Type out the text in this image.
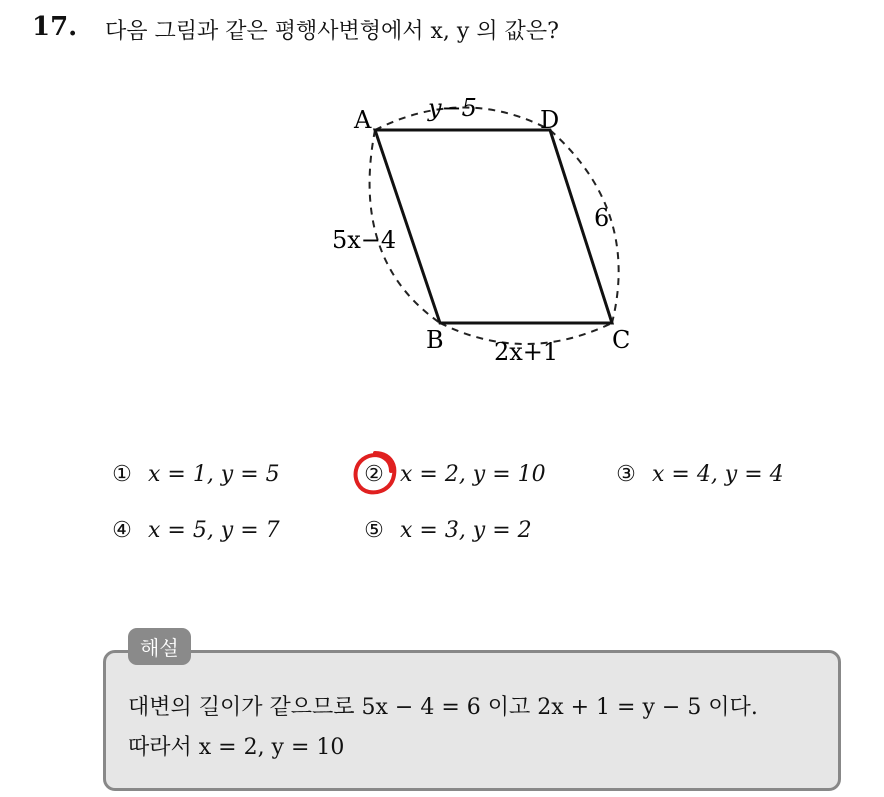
17. 다음 그림과 같은 평행사변형에서 x, y 의 값은?
A	D
B	C
y−5
5x−4
6
2x+1
① x = 1, y = 5	② x = 2, y = 10	③ x = 4, y = 4
④ x = 5, y = 7	⑤ x = 3, y = 2
해설
대변의 길이가 같으므로 5x − 4 = 6 이고 2x + 1 = y − 5 이다.
따라서 x = 2, y = 10
